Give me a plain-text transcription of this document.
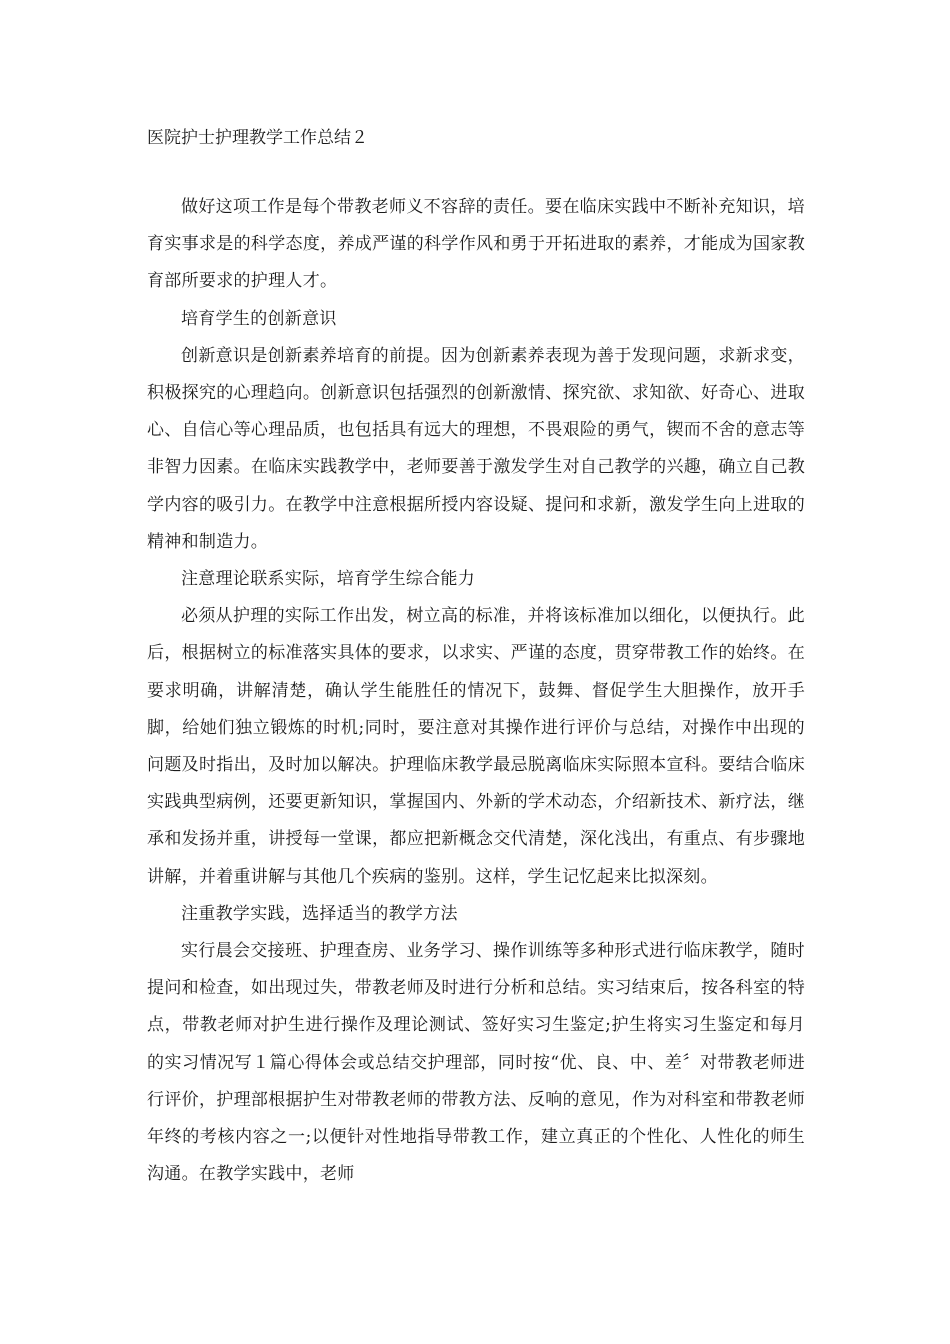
医院护士护理教学工作总结２

做好这项工作是每个带教老师义不容辞的责任。要在临床实践中不断补充知识，培育实事求是的科学态度，养成严谨的科学作风和勇于开拓进取的素养，才能成为国家教育部所要求的护理人才。

培育学生的创新意识

创新意识是创新素养培育的前提。因为创新素养表现为善于发现问题，求新求变，积极探究的心理趋向。创新意识包括强烈的创新激情、探究欲、求知欲、好奇心、进取心、自信心等心理品质，也包括具有远大的理想，不畏艰险的勇气，锲而不舍的意志等非智力因素。在临床实践教学中，老师要善于激发学生对自己教学的兴趣，确立自己教学内容的吸引力。在教学中注意根据所授内容设疑、提问和求新，激发学生向上进取的精神和制造力。

注意理论联系实际，培育学生综合能力

必须从护理的实际工作出发，树立高的标准，并将该标准加以细化，以便执行。此后，根据树立的标准落实具体的要求，以求实、严谨的态度，贯穿带教工作的始终。在要求明确，讲解清楚，确认学生能胜任的情况下，鼓舞、督促学生大胆操作，放开手脚，给她们独立锻炼的时机;同时，要注意对其操作进行评价与总结，对操作中出现的问题及时指出，及时加以解决。护理临床教学最忌脱离临床实际照本宣科。要结合临床实践典型病例，还要更新知识，掌握国内、外新的学术动态，介绍新技术、新疗法，继承和发扬并重，讲授每一堂课，都应把新概念交代清楚，深化浅出，有重点、有步骤地讲解，并着重讲解与其他几个疾病的鉴别。这样，学生记忆起来比拟深刻。

注重教学实践，选择适当的教学方法

实行晨会交接班、护理查房、业务学习、操作训练等多种形式进行临床教学，随时提问和检查，如出现过失，带教老师及时进行分析和总结。实习结束后，按各科室的特点，带教老师对护生进行操作及理论测试、签好实习生鉴定;护生将实习生鉴定和每月的实习情况写１篇心得体会或总结交护理部，同时按“优、良、中、差〞对带教老师进行评价，护理部根据护生对带教老师的带教方法、反响的意见，作为对科室和带教老师年终的考核内容之一;以便针对性地指导带教工作，建立真正的个性化、人性化的师生沟通。在教学实践中，老师
